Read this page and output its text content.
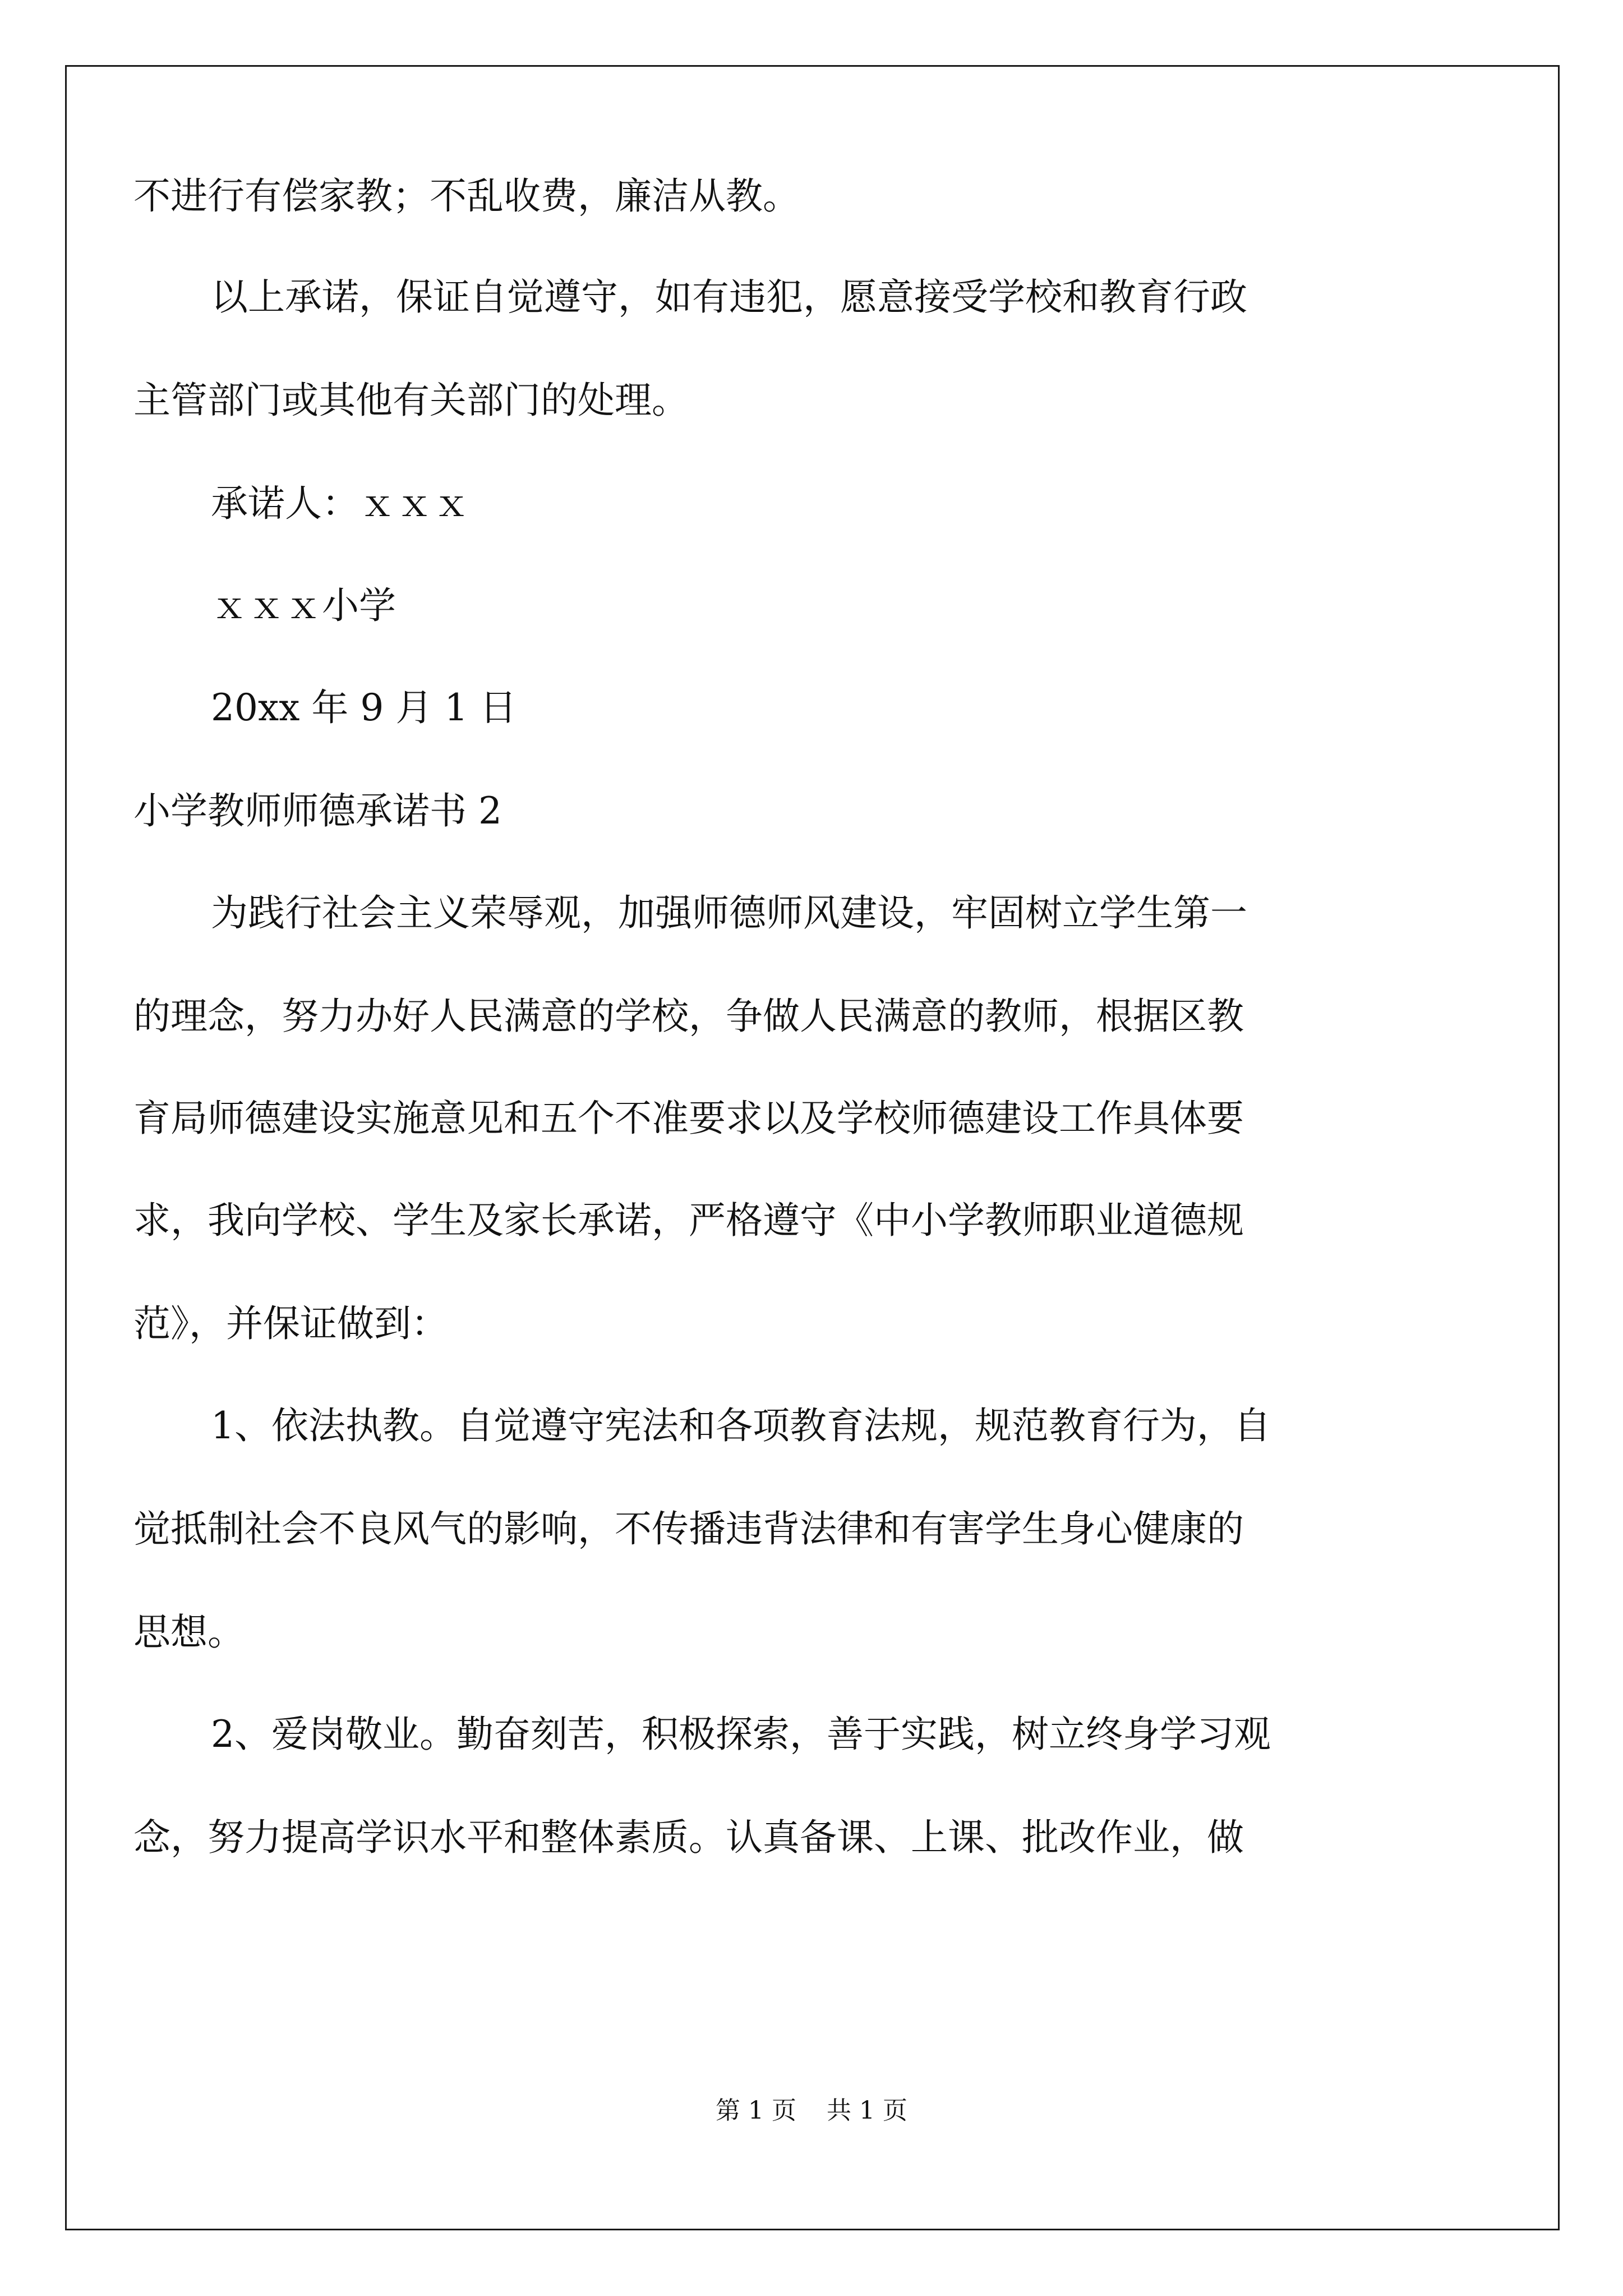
不进行有偿家教；不乱收费，廉洁从教。
以上承诺，保证自觉遵守，如有违犯，愿意接受学校和教育行政
主管部门或其他有关部门的处理。
承诺人：ｘｘｘ
ｘｘｘ小学
20xx 年 9 月 1 日
小学教师师德承诺书 2
为践行社会主义荣辱观，加强师德师风建设，牢固树立学生第一
的理念，努力办好人民满意的学校，争做人民满意的教师，根据区教
育局师德建设实施意见和五个不准要求以及学校师德建设工作具体要
求，我向学校、学生及家长承诺，严格遵守《中小学教师职业道德规
范》，并保证做到：
1、依法执教。自觉遵守宪法和各项教育法规，规范教育行为，自
觉抵制社会不良风气的影响，不传播违背法律和有害学生身心健康的
思想。
2、爱岗敬业。勤奋刻苦，积极探索，善于实践，树立终身学习观
念，努力提高学识水平和整体素质。认真备课、上课、批改作业，做
第 1 页 共 1 页
